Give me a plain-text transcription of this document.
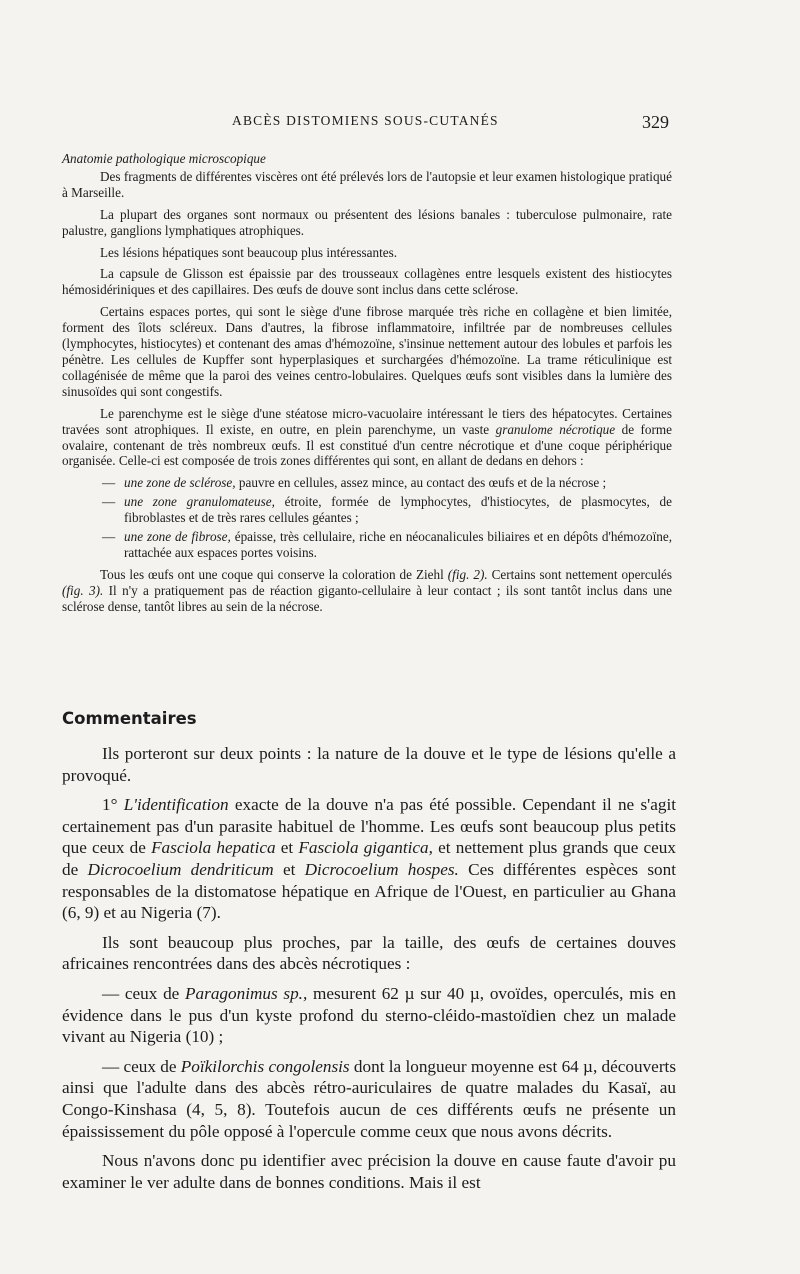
ABCÈS DISTOMIENS SOUS-CUTANÉS	329

Anatomie pathologique microscopique

Des fragments de différentes viscères ont été prélevés lors de l'autopsie et leur examen histologique pratiqué à Marseille.

La plupart des organes sont normaux ou présentent des lésions banales : tuberculose pulmonaire, rate palustre, ganglions lymphatiques atrophiques.

Les lésions hépatiques sont beaucoup plus intéressantes.

La capsule de Glisson est épaissie par des trousseaux collagènes entre lesquels existent des histiocytes hémosidériniques et des capillaires. Des œufs de douve sont inclus dans cette sclérose.

Certains espaces portes, qui sont le siège d'une fibrose marquée très riche en collagène et bien limitée, forment des îlots scléreux. Dans d'autres, la fibrose inflammatoire, infiltrée par de nombreuses cellules (lymphocytes, histiocytes) et contenant des amas d'hémozoïne, s'insinue nettement autour des lobules et parfois les pénètre. Les cellules de Kupffer sont hyperplasiques et surchargées d'hémozoïne. La trame réticulinique est collagénisée de même que la paroi des veines centro-lobulaires. Quelques œufs sont visibles dans la lumière des sinusoïdes qui sont congestifs.

Le parenchyme est le siège d'une stéatose micro-vacuolaire intéressant le tiers des hépatocytes. Certaines travées sont atrophiques. Il existe, en outre, en plein parenchyme, un vaste granulome nécrotique de forme ovalaire, contenant de très nombreux œufs. Il est constitué d'un centre nécrotique et d'une coque périphérique organisée. Celle-ci est composée de trois zones différentes qui sont, en allant de dedans en dehors :

— une zone de sclérose, pauvre en cellules, assez mince, au contact des œufs et de la nécrose ;
— une zone granulomateuse, étroite, formée de lymphocytes, d'histiocytes, de plasmocytes, de fibroblastes et de très rares cellules géantes ;
— une zone de fibrose, épaisse, très cellulaire, riche en néocanalicules biliaires et en dépôts d'hémozoïne, rattachée aux espaces portes voisins.

Tous les œufs ont une coque qui conserve la coloration de Ziehl (fig. 2). Certains sont nettement operculés (fig. 3). Il n'y a pratiquement pas de réaction giganto-cellulaire à leur contact ; ils sont tantôt inclus dans une sclérose dense, tantôt libres au sein de la nécrose.

Commentaires

Ils porteront sur deux points : la nature de la douve et le type de lésions qu'elle a provoqué.

1° L'identification exacte de la douve n'a pas été possible. Cependant il ne s'agit certainement pas d'un parasite habituel de l'homme. Les œufs sont beaucoup plus petits que ceux de Fasciola hepatica et Fasciola gigantica, et nettement plus grands que ceux de Dicrocoelium dendriticum et Dicrocoelium hospes. Ces différentes espèces sont responsables de la distomatose hépatique en Afrique de l'Ouest, en particulier au Ghana (6, 9) et au Nigeria (7).

Ils sont beaucoup plus proches, par la taille, des œufs de certaines douves africaines rencontrées dans des abcès nécrotiques :

— ceux de Paragonimus sp., mesurent 62 µ sur 40 µ, ovoïdes, operculés, mis en évidence dans le pus d'un kyste profond du sterno-cléido-mastoïdien chez un malade vivant au Nigeria (10) ;

— ceux de Poïkilorchis congolensis dont la longueur moyenne est 64 µ, découverts ainsi que l'adulte dans des abcès rétro-auriculaires de quatre malades du Kasaï, au Congo-Kinshasa (4, 5, 8). Toutefois aucun de ces différents œufs ne présente un épaississement du pôle opposé à l'opercule comme ceux que nous avons décrits.

Nous n'avons donc pu identifier avec précision la douve en cause faute d'avoir pu examiner le ver adulte dans de bonnes conditions. Mais il est
